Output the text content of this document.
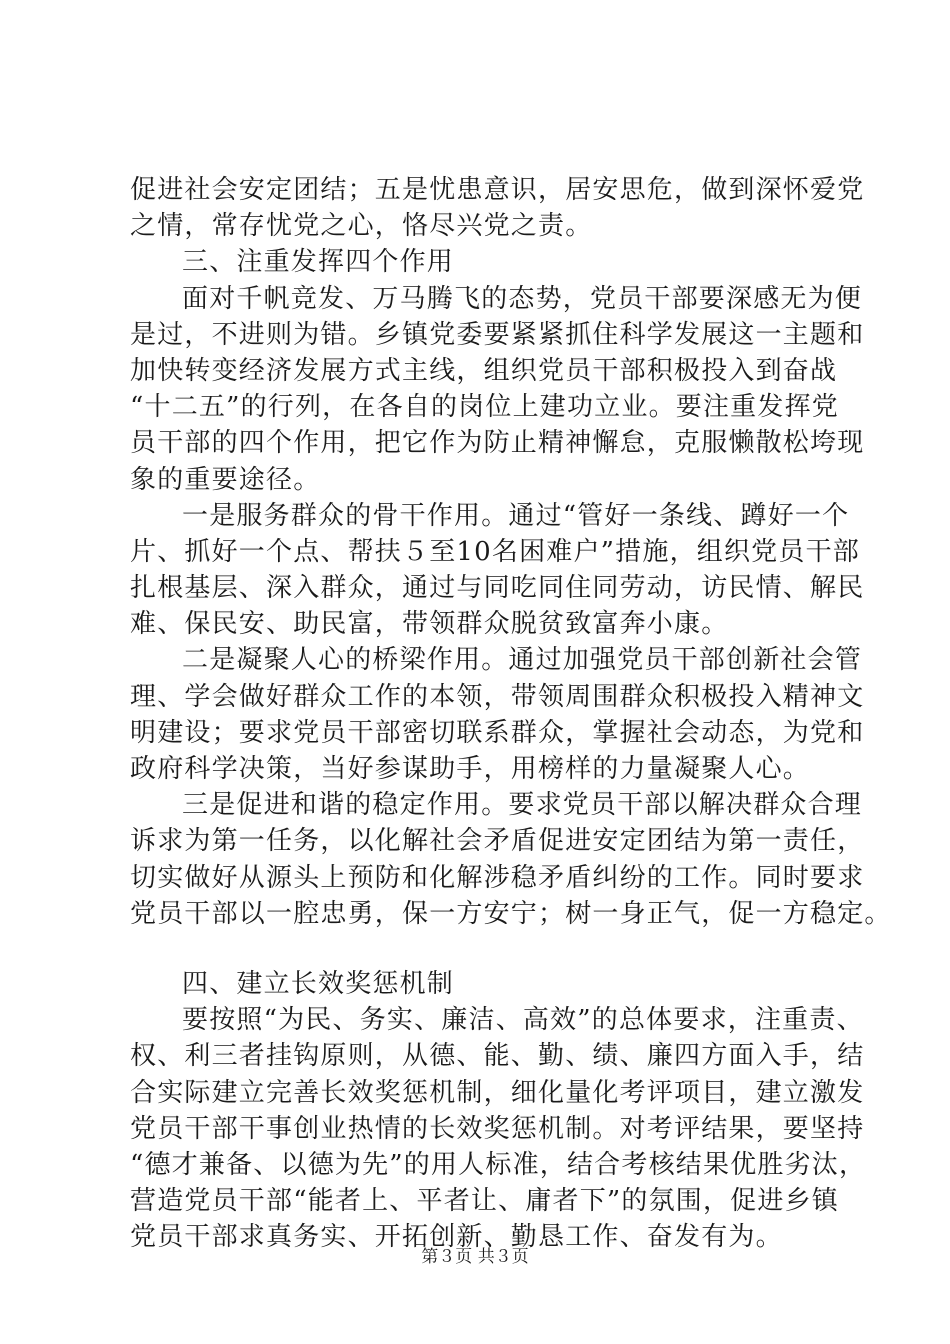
促进社会安定团结；五是忧患意识，居安思危，做到深怀爱党
之情，常存忧党之心，恪尽兴党之责。
三、注重发挥四个作用
面对千帆竞发、万马腾飞的态势，党员干部要深感无为便
是过，不进则为错。乡镇党委要紧紧抓住科学发展这一主题和
加快转变经济发展方式主线，组织党员干部积极投入到奋战
“十二五”的行列，在各自的岗位上建功立业。要注重发挥党
员干部的四个作用，把它作为防止精神懈怠，克服懒散松垮现
象的重要途径。
一是服务群众的骨干作用。通过“管好一条线、蹲好一个
片、抓好一个点、帮扶５至10名困难户”措施，组织党员干部
扎根基层、深入群众，通过与同吃同住同劳动，访民情、解民
难、保民安、助民富，带领群众脱贫致富奔小康。
二是凝聚人心的桥梁作用。通过加强党员干部创新社会管
理、学会做好群众工作的本领，带领周围群众积极投入精神文
明建设；要求党员干部密切联系群众，掌握社会动态，为党和
政府科学决策，当好参谋助手，用榜样的力量凝聚人心。
三是促进和谐的稳定作用。要求党员干部以解决群众合理
诉求为第一任务，以化解社会矛盾促进安定团结为第一责任，
切实做好从源头上预防和化解涉稳矛盾纠纷的工作。同时要求
党员干部以一腔忠勇，保一方安宁；树一身正气，促一方稳定。
四、建立长效奖惩机制
要按照“为民、务实、廉洁、高效”的总体要求，注重责、
权、利三者挂钩原则，从德、能、勤、绩、廉四方面入手，结
合实际建立完善长效奖惩机制，细化量化考评项目，建立激发
党员干部干事创业热情的长效奖惩机制。对考评结果，要坚持
“德才兼备、以德为先”的用人标准，结合考核结果优胜劣汰，
营造党员干部“能者上、平者让、庸者下”的氛围，促进乡镇
党员干部求真务实、开拓创新、勤恳工作、奋发有为。
第３页 共３页
